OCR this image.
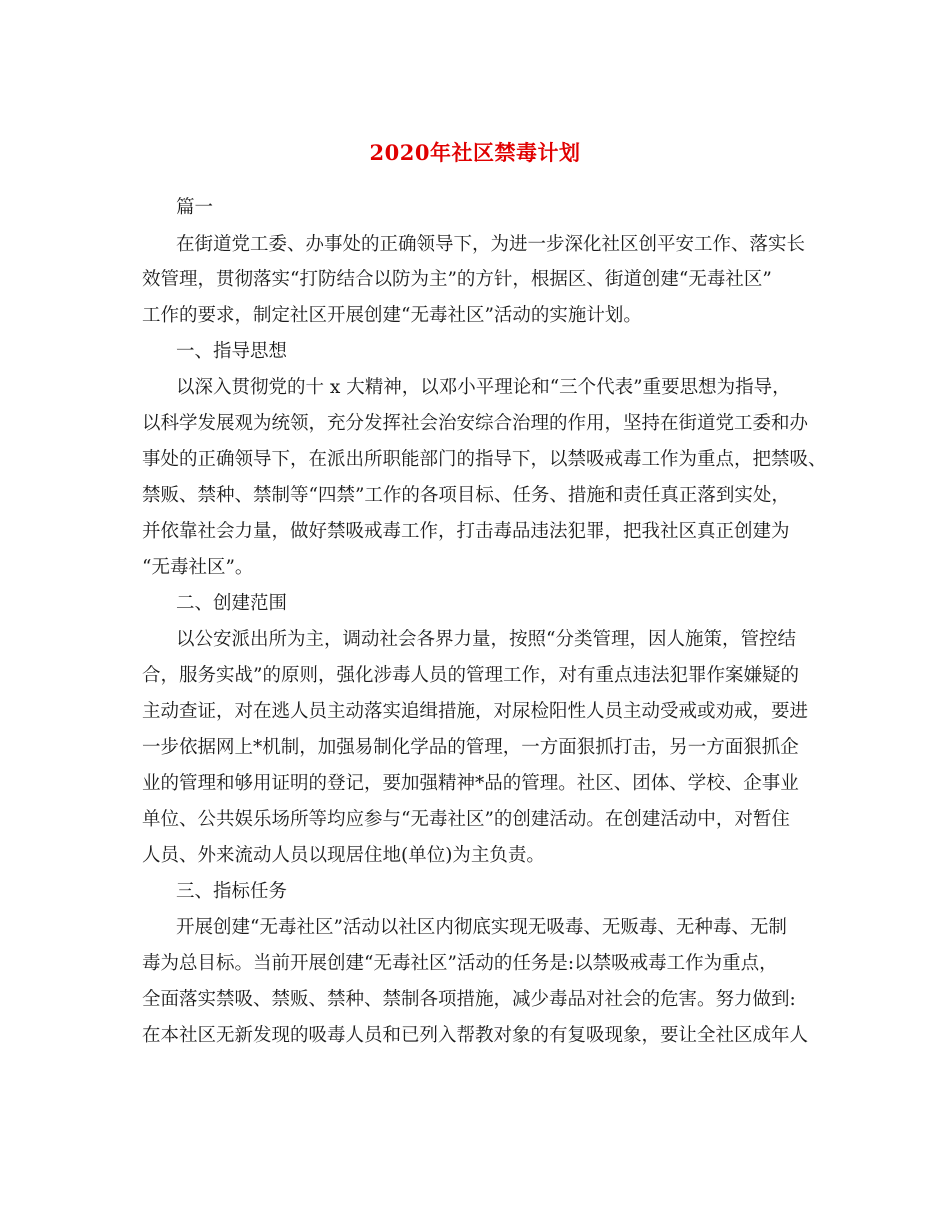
2020年社区禁毒计划
篇一
在街道党工委、办事处的正确领导下，为进一步深化社区创平安工作、落实长
效管理，贯彻落实“打防结合以防为主”的方针，根据区、街道创建“无毒社区”
工作的要求，制定社区开展创建“无毒社区”活动的实施计划。
一、指导思想
以深入贯彻党的十 x 大精神，以邓小平理论和“三个代表”重要思想为指导，
以科学发展观为统领，充分发挥社会治安综合治理的作用，坚持在街道党工委和办
事处的正确领导下，在派出所职能部门的指导下，以禁吸戒毒工作为重点，把禁吸、
禁贩、禁种、禁制等“四禁”工作的各项目标、任务、措施和责任真正落到实处，
并依靠社会力量，做好禁吸戒毒工作，打击毒品违法犯罪，把我社区真正创建为
“无毒社区”。
二、创建范围
以公安派出所为主，调动社会各界力量，按照“分类管理，因人施策，管控结
合，服务实战”的原则，强化涉毒人员的管理工作，对有重点违法犯罪作案嫌疑的
主动查证，对在逃人员主动落实追缉措施，对尿检阳性人员主动受戒或劝戒，要进
一步依据网上*机制，加强易制化学品的管理，一方面狠抓打击，另一方面狠抓企
业的管理和够用证明的登记，要加强精神*品的管理。社区、团体、学校、企事业
单位、公共娱乐场所等均应参与“无毒社区”的创建活动。在创建活动中，对暂住
人员、外来流动人员以现居住地(单位)为主负责。
三、指标任务
开展创建“无毒社区”活动以社区内彻底实现无吸毒、无贩毒、无种毒、无制
毒为总目标。当前开展创建“无毒社区”活动的任务是:以禁吸戒毒工作为重点，
全面落实禁吸、禁贩、禁种、禁制各项措施，减少毒品对社会的危害。努力做到:
在本社区无新发现的吸毒人员和已列入帮教对象的有复吸现象，要让全社区成年人
